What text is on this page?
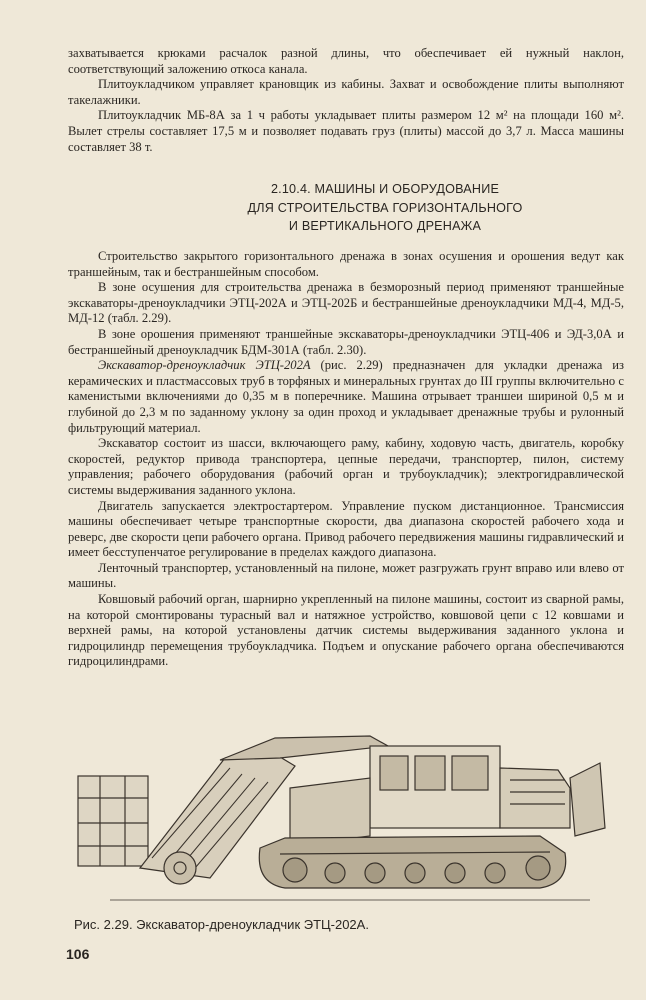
захватывается крюками расчалок разной длины, что обеспечивает ей нужный наклон, соответствующий заложению откоса канала.

Плитоукладчиком управляет крановщик из кабины. Захват и освобождение плиты выполняют такелажники.

Плитоукладчик МБ-8А за 1 ч работы укладывает плиты размером 12 м² на площади 160 м². Вылет стрелы составляет 17,5 м и позволяет подавать груз (плиты) массой до 3,7 л. Масса машины составляет 38 т.

2.10.4. МАШИНЫ И ОБОРУДОВАНИЕ
ДЛЯ СТРОИТЕЛЬСТВА ГОРИЗОНТАЛЬНОГО
И ВЕРТИКАЛЬНОГО ДРЕНАЖА

Строительство закрытого горизонтального дренажа в зонах осушения и орошения ведут как траншейным, так и бестраншейным способом.

В зоне осушения для строительства дренажа в безморозный период применяют траншейные экскаваторы-дреноукладчики ЭТЦ-202А и ЭТЦ-202Б и бестраншейные дреноукладчики МД-4, МД-5, МД-12 (табл. 2.29).

В зоне орошения применяют траншейные экскаваторы-дреноукладчики ЭТЦ-406 и ЭД-3,0А и бестраншейный дреноукладчик БДМ-301А (табл. 2.30).

Экскаватор-дреноукладчик ЭТЦ-202А (рис. 2.29) предназначен для укладки дренажа из керамических и пластмассовых труб в торфяных и минеральных грунтах до III группы включительно с каменистыми включениями до 0,35 м в поперечнике. Машина отрывает траншеи шириной 0,5 м и глубиной до 2,3 м по заданному уклону за один проход и укладывает дренажные трубы и рулонный фильтрующий материал.

Экскаватор состоит из шасси, включающего раму, кабину, ходовую часть, двигатель, коробку скоростей, редуктор привода транспортера, цепные передачи, транспортер, пилон, систему управления; рабочего оборудования (рабочий орган и трубоукладчик); электрогидравлической системы выдерживания заданного уклона.

Двигатель запускается электростартером. Управление пуском дистанционное. Трансмиссия машины обеспечивает четыре транспортные скорости, два диапазона скоростей рабочего хода и реверс, две скорости цепи рабочего органа. Привод рабочего передвижения машины гидравлический и имеет бесступенчатое регулирование в пределах каждого диапазона.

Ленточный транспортер, установленный на пилоне, может разгружать грунт вправо или влево от машины.

Ковшовый рабочий орган, шарнирно укрепленный на пилоне машины, состоит из сварной рамы, на которой смонтированы турасный вал и натяжное устройство, ковшовой цепи с 12 ковшами и верхней рамы, на которой установлены датчик системы выдерживания заданного уклона и гидроцилиндр перемещения трубоукладчика. Подъем и опускание рабочего органа обеспечиваются гидроцилиндрами.

Рис. 2.29. Экскаватор-дреноукладчик ЭТЦ-202А.
106
